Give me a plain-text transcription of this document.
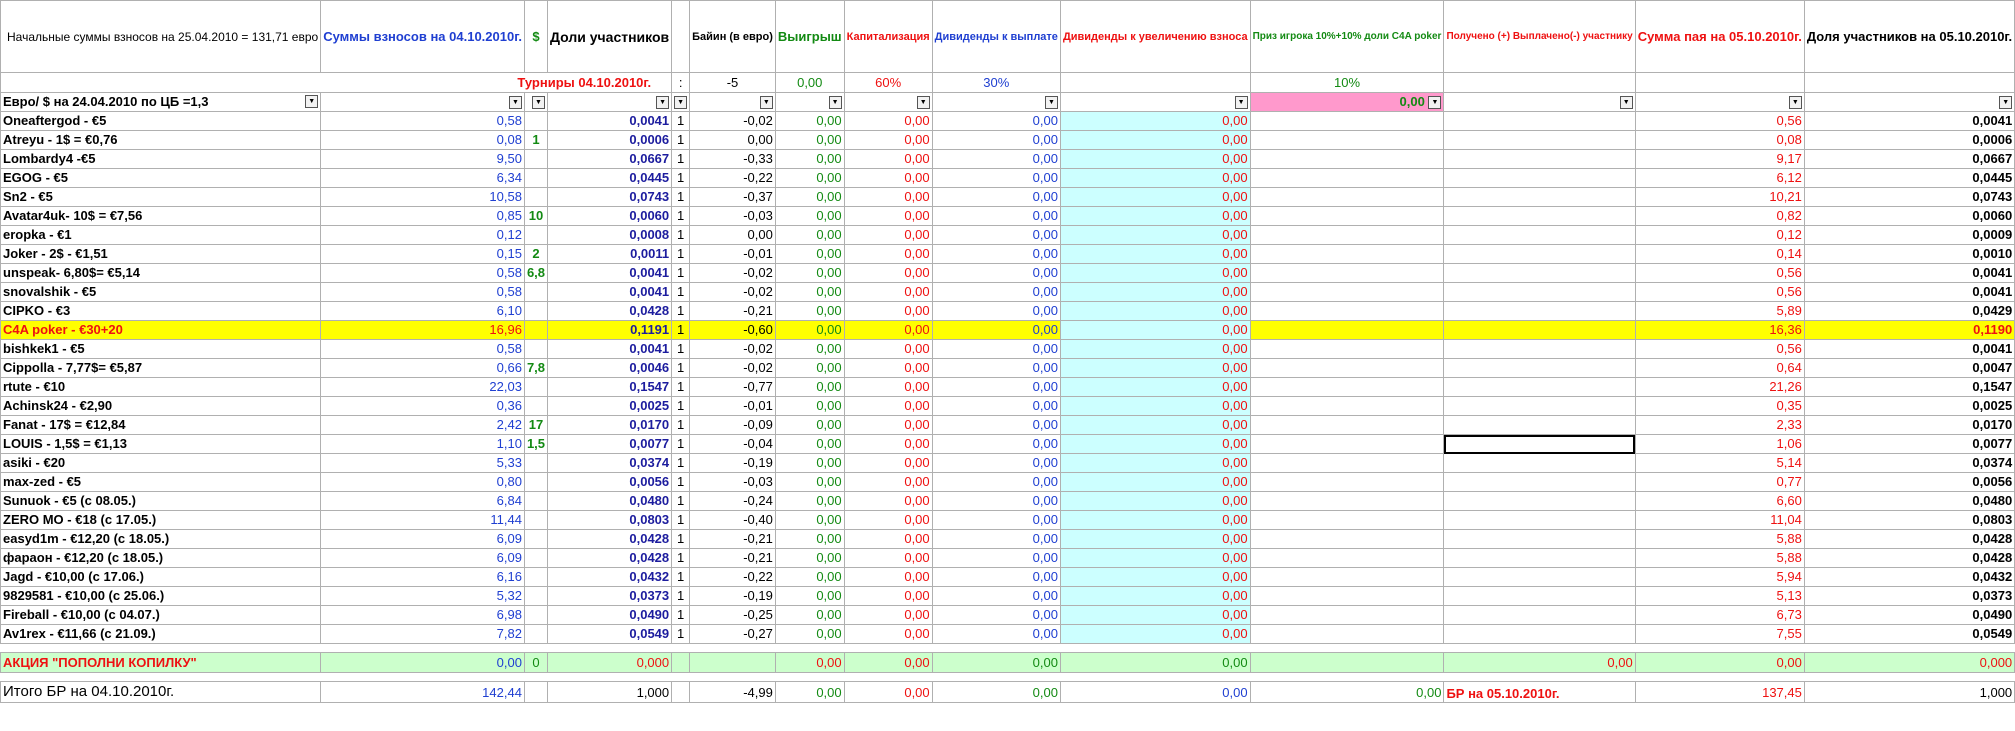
Начальные суммы взносов на 25.04.2010 = 131,71 евро	Суммы взносов на 04.10.2010г.	$	Доли участников		Байин (в евро)	Выигрыш	Капитализация	Дивиденды к выплате	Дивиденды к увеличению взноса	Приз игрока 10%+10% доли C4A poker	Получено (+) Выплачено(-) участнику	Сумма пая на 05.10.2010г.	Доля участников на 05.10.2010г.
Турниры 04.10.2010г.				:	-5	0,00	60%	30%		10%			
Евро/ $ на 24.04.2010 по ЦБ =1,3 ▼	▼	▼	▼	▼	▼	▼	▼	▼	▼	0,00 ▼	▼	▼	▼
Oneaftergod - €5	0,58		0,0041	1	-0,02	0,00	0,00	0,00	0,00			0,56	0,0041
Atreyu - 1$ = €0,76	0,08	1	0,0006	1	0,00	0,00	0,00	0,00	0,00			0,08	0,0006
Lombardy4 -€5	9,50		0,0667	1	-0,33	0,00	0,00	0,00	0,00			9,17	0,0667
EGOG - €5	6,34		0,0445	1	-0,22	0,00	0,00	0,00	0,00			6,12	0,0445
Sn2 - €5	10,58		0,0743	1	-0,37	0,00	0,00	0,00	0,00			10,21	0,0743
Avatar4uk- 10$ = €7,56	0,85	10	0,0060	1	-0,03	0,00	0,00	0,00	0,00			0,82	0,0060
eropka - €1	0,12		0,0008	1	0,00	0,00	0,00	0,00	0,00			0,12	0,0009
Joker - 2$ - €1,51	0,15	2	0,0011	1	-0,01	0,00	0,00	0,00	0,00			0,14	0,0010
unspeak- 6,80$= €5,14	0,58	6,8	0,0041	1	-0,02	0,00	0,00	0,00	0,00			0,56	0,0041
snovalshik - €5	0,58		0,0041	1	-0,02	0,00	0,00	0,00	0,00			0,56	0,0041
CIPKO - €3	6,10		0,0428	1	-0,21	0,00	0,00	0,00	0,00			5,89	0,0429
C4A poker - €30+20	16,96		0,1191	1	-0,60	0,00	0,00	0,00	0,00			16,36	0,1190
bishkek1 - €5	0,58		0,0041	1	-0,02	0,00	0,00	0,00	0,00			0,56	0,0041
Cippolla - 7,77$= €5,87	0,66	7,8	0,0046	1	-0,02	0,00	0,00	0,00	0,00			0,64	0,0047
rtute - €10	22,03		0,1547	1	-0,77	0,00	0,00	0,00	0,00			21,26	0,1547
Achinsk24 - €2,90	0,36		0,0025	1	-0,01	0,00	0,00	0,00	0,00			0,35	0,0025
Fanat - 17$ = €12,84	2,42	17	0,0170	1	-0,09	0,00	0,00	0,00	0,00			2,33	0,0170
LOUIS - 1,5$ = €1,13	1,10	1,5	0,0077	1	-0,04	0,00	0,00	0,00	0,00			1,06	0,0077
asiki - €20	5,33		0,0374	1	-0,19	0,00	0,00	0,00	0,00			5,14	0,0374
max-zed - €5	0,80		0,0056	1	-0,03	0,00	0,00	0,00	0,00			0,77	0,0056
Sunuok - €5 (c 08.05.)	6,84		0,0480	1	-0,24	0,00	0,00	0,00	0,00			6,60	0,0480
ZERO MO - €18 (с 17.05.)	11,44		0,0803	1	-0,40	0,00	0,00	0,00	0,00			11,04	0,0803
easyd1m - €12,20 (с 18.05.)	6,09		0,0428	1	-0,21	0,00	0,00	0,00	0,00			5,88	0,0428
фараон - €12,20 (с 18.05.)	6,09		0,0428	1	-0,21	0,00	0,00	0,00	0,00			5,88	0,0428
Jagd - €10,00 (с 17.06.)	6,16		0,0432	1	-0,22	0,00	0,00	0,00	0,00			5,94	0,0432
9829581 - €10,00 (с 25.06.)	5,32		0,0373	1	-0,19	0,00	0,00	0,00	0,00			5,13	0,0373
Fireball - €10,00 (с 04.07.)	6,98		0,0490	1	-0,25	0,00	0,00	0,00	0,00			6,73	0,0490
Av1rex - €11,66 (с 21.09.)	7,82		0,0549	1	-0,27	0,00	0,00	0,00	0,00			7,55	0,0549

АКЦИЯ "ПОПОЛНИ КОПИЛКУ"	0,00	0	0,000			0,00	0,00	0,00	0,00		0,00	0,00	0,000

Итого БР на 04.10.2010г.	142,44		1,000		-4,99	0,00	0,00	0,00	0,00	0,00	БР на 05.10.2010г.	137,45	1,000
